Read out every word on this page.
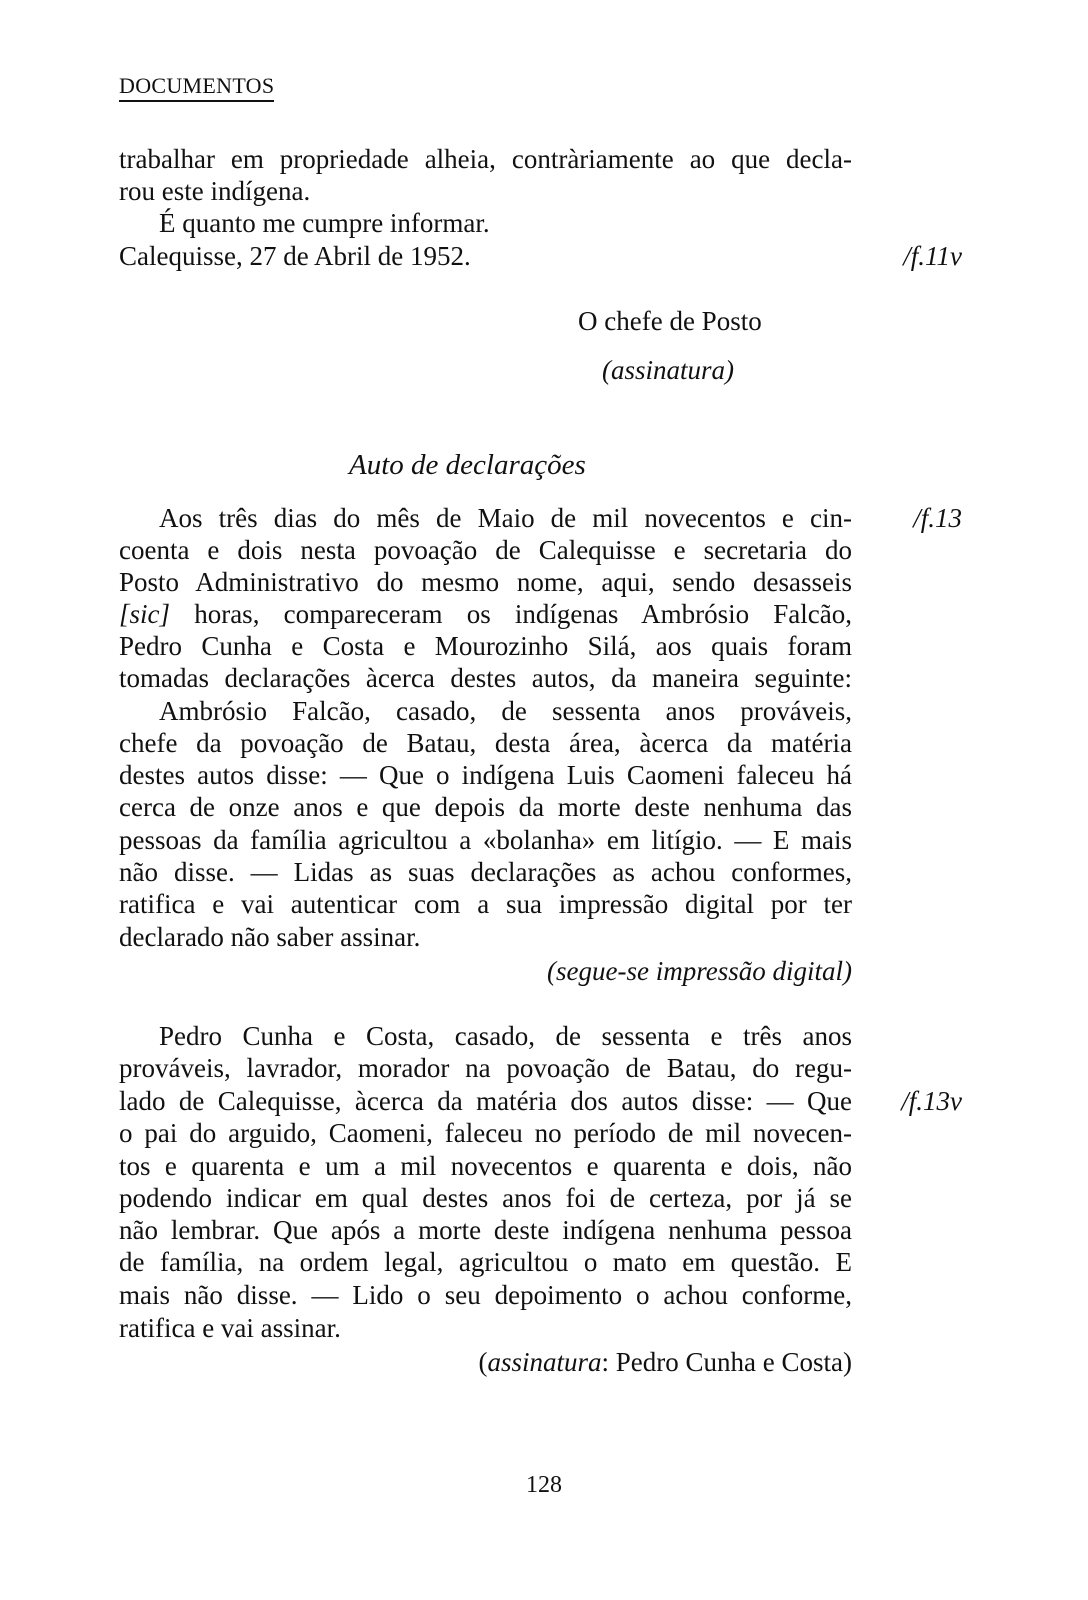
DOCUMENTOS
trabalhar em propriedade alheia, contràriamente ao que decla-
rou este indígena.
É quanto me cumpre informar.
Calequisse, 27 de Abril de 1952.	/f.11v
O chefe de Posto
(assinatura)
Auto de declarações
Aos três dias do mês de Maio de mil novecentos e cin-	/f.13
coenta e dois nesta povoação de Calequisse e secretaria do
Posto Administrativo do mesmo nome, aqui, sendo desasseis
[sic] horas, compareceram os indígenas Ambrósio Falcão,
Pedro Cunha e Costa e Mourozinho Silá, aos quais foram
tomadas declarações àcerca destes autos, da maneira seguinte:
Ambrósio Falcão, casado, de sessenta anos prováveis,
chefe da povoação de Batau, desta área, àcerca da matéria
destes autos disse: — Que o indígena Luis Caomeni faleceu há
cerca de onze anos e que depois da morte deste nenhuma das
pessoas da família agricultou a «bolanha» em litígio. — E mais
não disse. — Lidas as suas declarações as achou conformes,
ratifica e vai autenticar com a sua impressão digital por ter
declarado não saber assinar.
(segue-se impressão digital)
Pedro Cunha e Costa, casado, de sessenta e três anos
prováveis, lavrador, morador na povoação de Batau, do regu-
lado de Calequisse, àcerca da matéria dos autos disse: — Que	/f.13v
o pai do arguido, Caomeni, faleceu no período de mil novecen-
tos e quarenta e um a mil novecentos e quarenta e dois, não
podendo indicar em qual destes anos foi de certeza, por já se
não lembrar. Que após a morte deste indígena nenhuma pessoa
de família, na ordem legal, agricultou o mato em questão. E
mais não disse. — Lido o seu depoimento o achou conforme,
ratifica e vai assinar.
(assinatura: Pedro Cunha e Costa)
128
